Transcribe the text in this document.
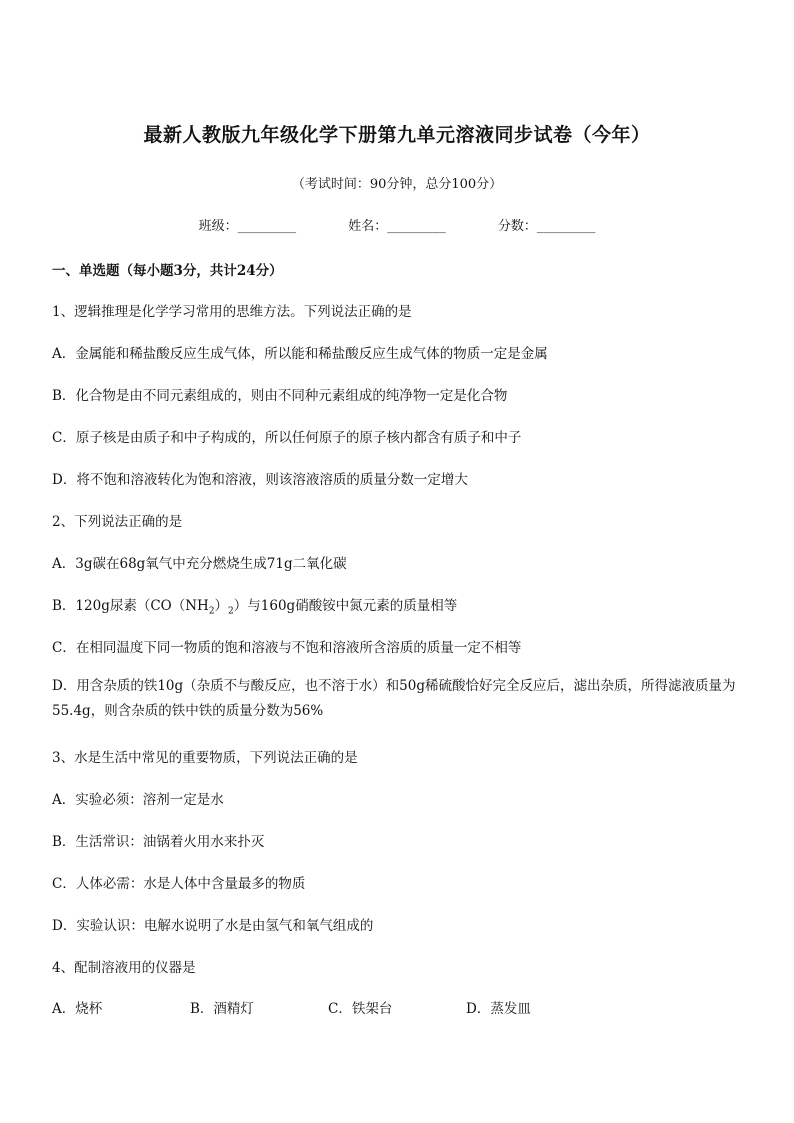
最新人教版九年级化学下册第九单元溶液同步试卷（今年）
（考试时间：90分钟，总分100分）
班级：_________	姓名：_________	分数：_________
一、单选题（每小题3分，共计24分）
1、逻辑推理是化学学习常用的思维方法。下列说法正确的是
A．金属能和稀盐酸反应生成气体，所以能和稀盐酸反应生成气体的物质一定是金属
B．化合物是由不同元素组成的，则由不同种元素组成的纯净物一定是化合物
C．原子核是由质子和中子构成的，所以任何原子的原子核内都含有质子和中子
D．将不饱和溶液转化为饱和溶液，则该溶液溶质的质量分数一定增大
2、下列说法正确的是
A．3g碳在68g氧气中充分燃烧生成71g二氧化碳
B．120g尿素$(CO(NH_2)_2)$与160g硝酸铵中氮元素的质量相等
C．在相同温度下同一物质的饱和溶液与不饱和溶液所含溶质的质量一定不相等
D．用含杂质的铁10g（杂质不与酸反应，也不溶于水）和50g稀硫酸恰好完全反应后，滤出杂质，所得滤液质量为55.4g，则含杂质的铁中铁的质量分数为56%
3、水是生活中常见的重要物质，下列说法正确的是
A．实验必须：溶剂一定是水
B．生活常识：油锅着火用水来扑灭
C．人体必需：水是人体中含量最多的物质
D．实验认识：电解水说明了水是由氢气和氧气组成的
4、配制溶液用的仪器是
A．烧杯	B．酒精灯	C．铁架台	D．蒸发皿
